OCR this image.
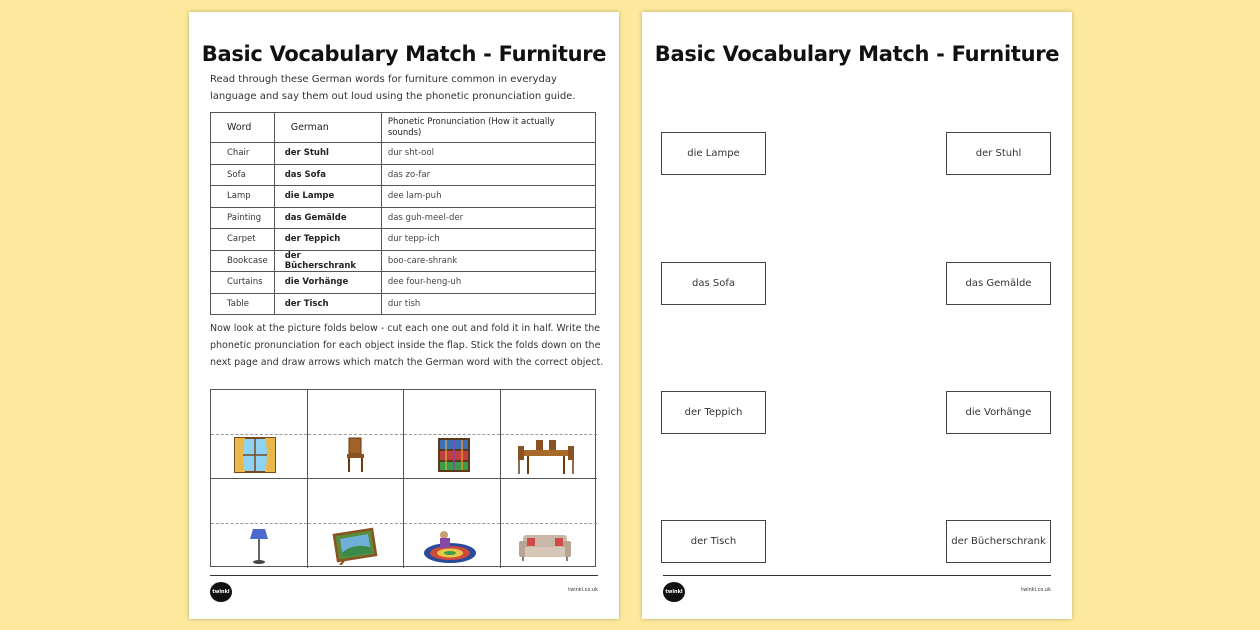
Basic Vocabulary Match - Furniture
Read through these German words for furniture common in everyday language and say them out loud using the phonetic pronunciation guide.
Word	German	Phonetic Pronunciation (How it actually sounds)
Chair	der Stuhl	dur sht-ool
Sofa	das Sofa	das zo-far
Lamp	die Lampe	dee lam-puh
Painting	das Gemälde	das guh-meel-der
Carpet	der Teppich	dur tepp-ich
Bookcase	der Bücherschrank	boo-care-shrank
Curtains	die Vorhänge	dee four-heng-uh
Table	der Tisch	dur tish
Now look at the picture folds below - cut each one out and fold it in half. Write the phonetic pronunciation for each object inside the flap. Stick the folds down on the next page and draw arrows which match the German word with the correct object.
twinkl	twinkl.co.uk
Basic Vocabulary Match - Furniture
die Lampe
das Sofa
der Teppich
der Tisch
der Stuhl
das Gemälde
die Vorhänge
der Bücherschrank
twinkl	twinkl.co.uk
